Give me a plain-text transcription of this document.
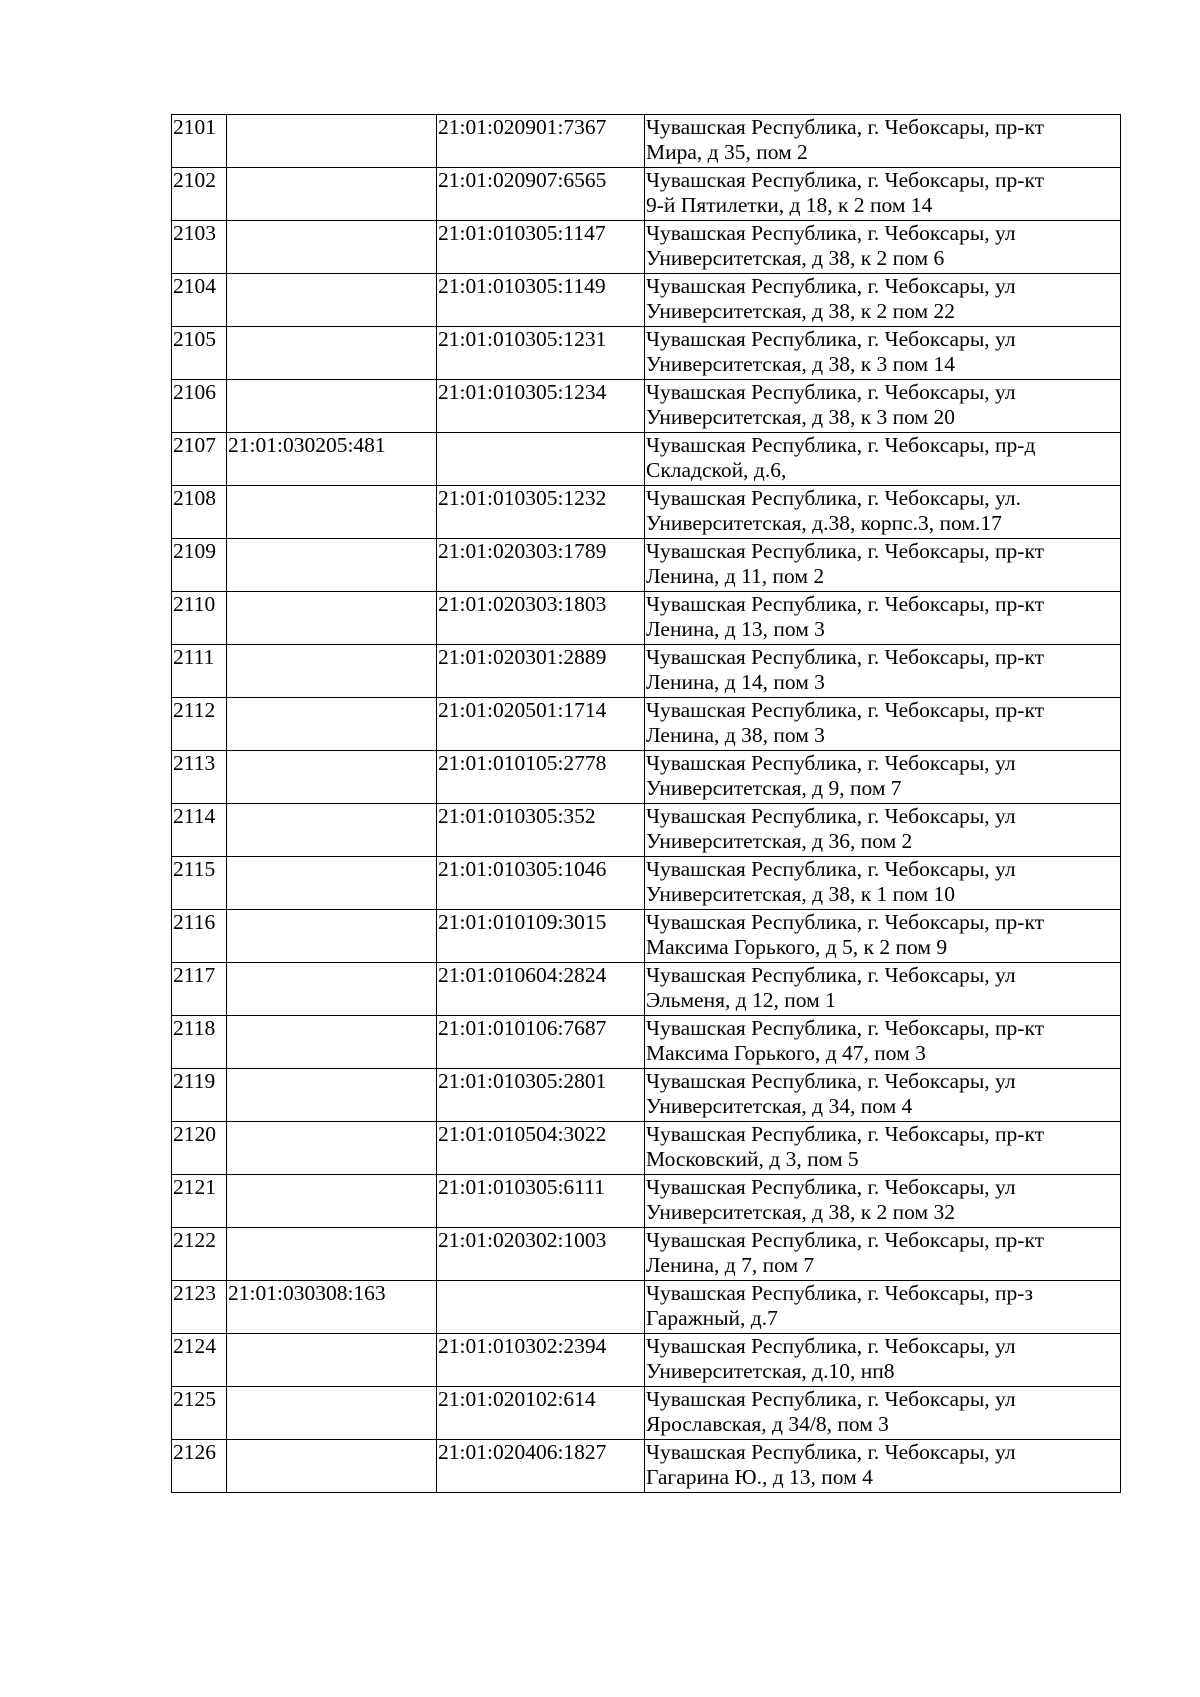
2101		21:01:020901:7367	Чувашская Республика, г. Чебоксары, пр-кт
Мира, д 35, пом 2

2102		21:01:020907:6565	Чувашская Республика, г. Чебоксары, пр-кт
9-й Пятилетки, д 18, к 2 пом 14

2103		21:01:010305:1147	Чувашская Республика, г. Чебоксары, ул
Университетская, д 38, к 2 пом 6

2104		21:01:010305:1149	Чувашская Республика, г. Чебоксары, ул
Университетская, д 38, к 2 пом 22

2105		21:01:010305:1231	Чувашская Республика, г. Чебоксары, ул
Университетская, д 38, к 3 пом 14

2106		21:01:010305:1234	Чувашская Республика, г. Чебоксары, ул
Университетская, д 38, к 3 пом 20

2107	21:01:030205:481		Чувашская Республика, г. Чебоксары, пр-д
Складской, д.6,

2108		21:01:010305:1232	Чувашская Республика, г. Чебоксары, ул.
Университетская, д.38, корпс.3, пом.17

2109		21:01:020303:1789	Чувашская Республика, г. Чебоксары, пр-кт
Ленина, д 11, пом 2

2110		21:01:020303:1803	Чувашская Республика, г. Чебоксары, пр-кт
Ленина, д 13, пом 3

2111		21:01:020301:2889	Чувашская Республика, г. Чебоксары, пр-кт
Ленина, д 14, пом 3

2112		21:01:020501:1714	Чувашская Республика, г. Чебоксары, пр-кт
Ленина, д 38, пом 3

2113		21:01:010105:2778	Чувашская Республика, г. Чебоксары, ул
Университетская, д 9, пом 7

2114		21:01:010305:352	Чувашская Республика, г. Чебоксары, ул
Университетская, д 36, пом 2

2115		21:01:010305:1046	Чувашская Республика, г. Чебоксары, ул
Университетская, д 38, к 1 пом 10

2116		21:01:010109:3015	Чувашская Республика, г. Чебоксары, пр-кт
Максима Горького, д 5, к 2 пом 9

2117		21:01:010604:2824	Чувашская Республика, г. Чебоксары, ул
Эльменя, д 12, пом 1

2118		21:01:010106:7687	Чувашская Республика, г. Чебоксары, пр-кт
Максима Горького, д 47, пом 3

2119		21:01:010305:2801	Чувашская Республика, г. Чебоксары, ул
Университетская, д 34, пом 4

2120		21:01:010504:3022	Чувашская Республика, г. Чебоксары, пр-кт
Московский, д 3, пом 5

2121		21:01:010305:6111	Чувашская Республика, г. Чебоксары, ул
Университетская, д 38, к 2 пом 32

2122		21:01:020302:1003	Чувашская Республика, г. Чебоксары, пр-кт
Ленина, д 7, пом 7

2123	21:01:030308:163		Чувашская Республика, г. Чебоксары, пр-з
Гаражный, д.7

2124		21:01:010302:2394	Чувашская Республика, г. Чебоксары, ул
Университетская, д.10, нп8

2125		21:01:020102:614	Чувашская Республика, г. Чебоксары, ул
Ярославская, д 34/8, пом 3

2126		21:01:020406:1827	Чувашская Республика, г. Чебоксары, ул
Гагарина Ю., д 13, пом 4
